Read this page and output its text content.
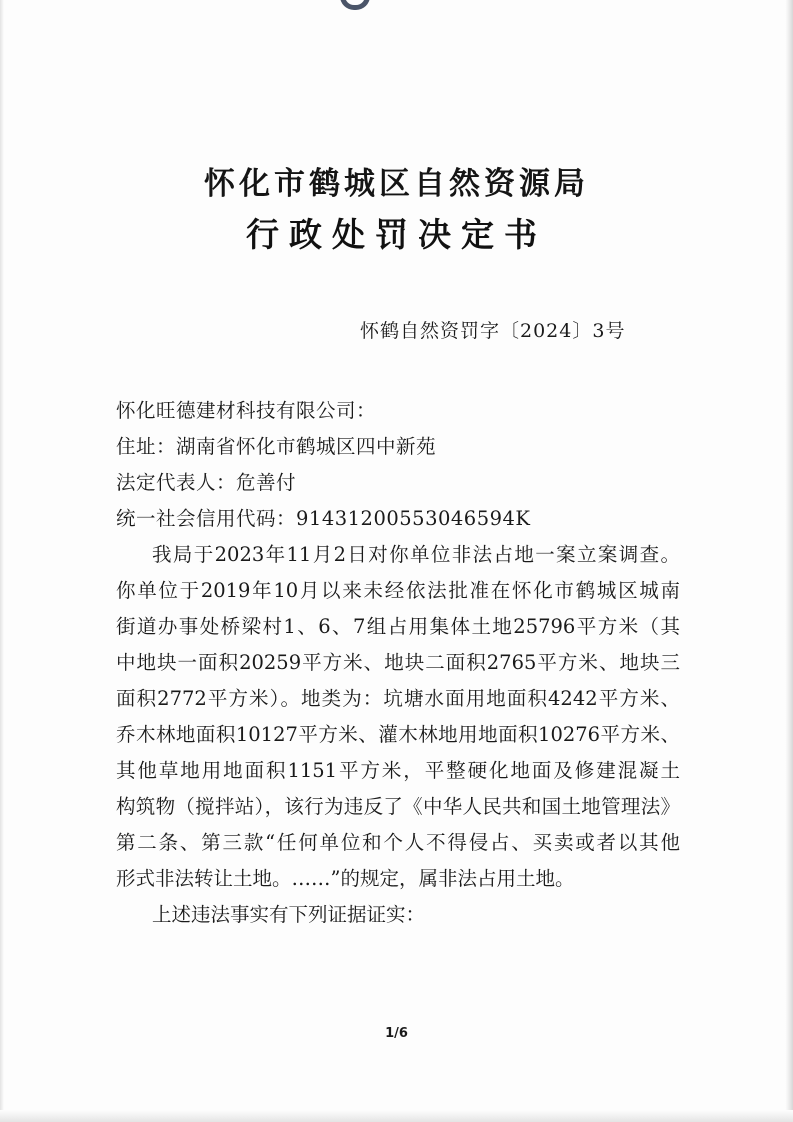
怀化市鹤城区自然资源局
行政处罚决定书
怀鹤自然资罚字〔2024〕3号
怀化旺德建材科技有限公司：
住址：湖南省怀化市鹤城区四中新苑
法定代表人：危善付
统一社会信用代码：91431200553046594K
我局于2023年11月2日对你单位非法占地一案立案调查。
你单位于2019年10月以来未经依法批准在怀化市鹤城区城南
街道办事处桥梁村1、6、7组占用集体土地25796平方米（其
中地块一面积20259平方米、地块二面积2765平方米、地块三
面积2772平方米）。地类为：坑塘水面用地面积4242平方米、
乔木林地面积10127平方米、灌木林地用地面积10276平方米、
其他草地用地面积1151平方米，平整硬化地面及修建混凝土
构筑物（搅拌站），该行为违反了《中华人民共和国土地管理法》
第二条、第三款“任何单位和个人不得侵占、买卖或者以其他
形式非法转让土地。……”的规定，属非法占用土地。
上述违法事实有下列证据证实：
1/6
